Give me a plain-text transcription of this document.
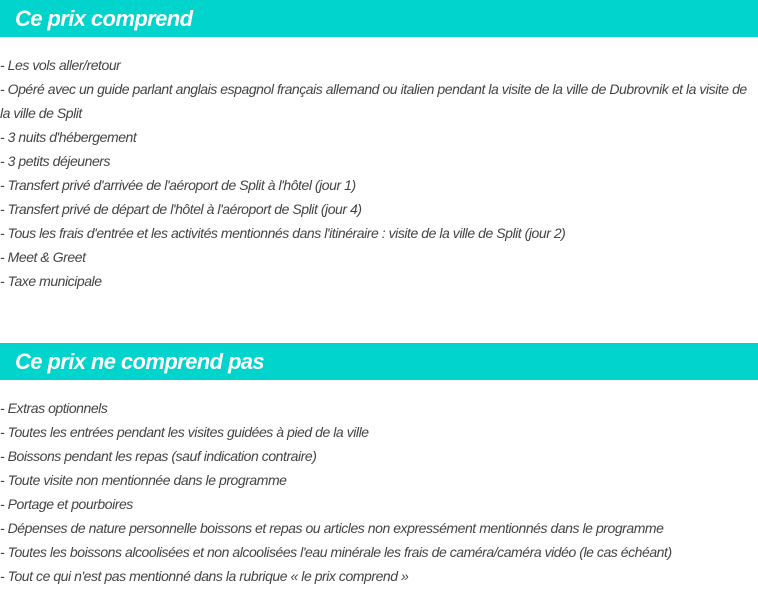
Ce prix comprend
- Les vols aller/retour
- Opéré avec un guide parlant anglais espagnol français allemand ou italien pendant la visite de la ville de Dubrovnik et la visite de la ville de Split
- 3 nuits d'hébergement
- 3 petits déjeuners
- Transfert privé d'arrivée de l'aéroport de Split à l'hôtel (jour 1)
- Transfert privé de départ de l'hôtel à l'aéroport de Split (jour 4)
- Tous les frais d'entrée et les activités mentionnés dans l'itinéraire : visite de la ville de Split (jour 2)
- Meet & Greet
- Taxe municipale
Ce prix ne comprend pas
- Extras optionnels
- Toutes les entrées pendant les visites guidées à pied de la ville
- Boissons pendant les repas (sauf indication contraire)
- Toute visite non mentionnée dans le programme
- Portage et pourboires
- Dépenses de nature personnelle boissons et repas ou articles non expressément mentionnés dans le programme
- Toutes les boissons alcoolisées et non alcoolisées l'eau minérale les frais de caméra/caméra vidéo (le cas échéant)
- Tout ce qui n'est pas mentionné dans la rubrique « le prix comprend »
